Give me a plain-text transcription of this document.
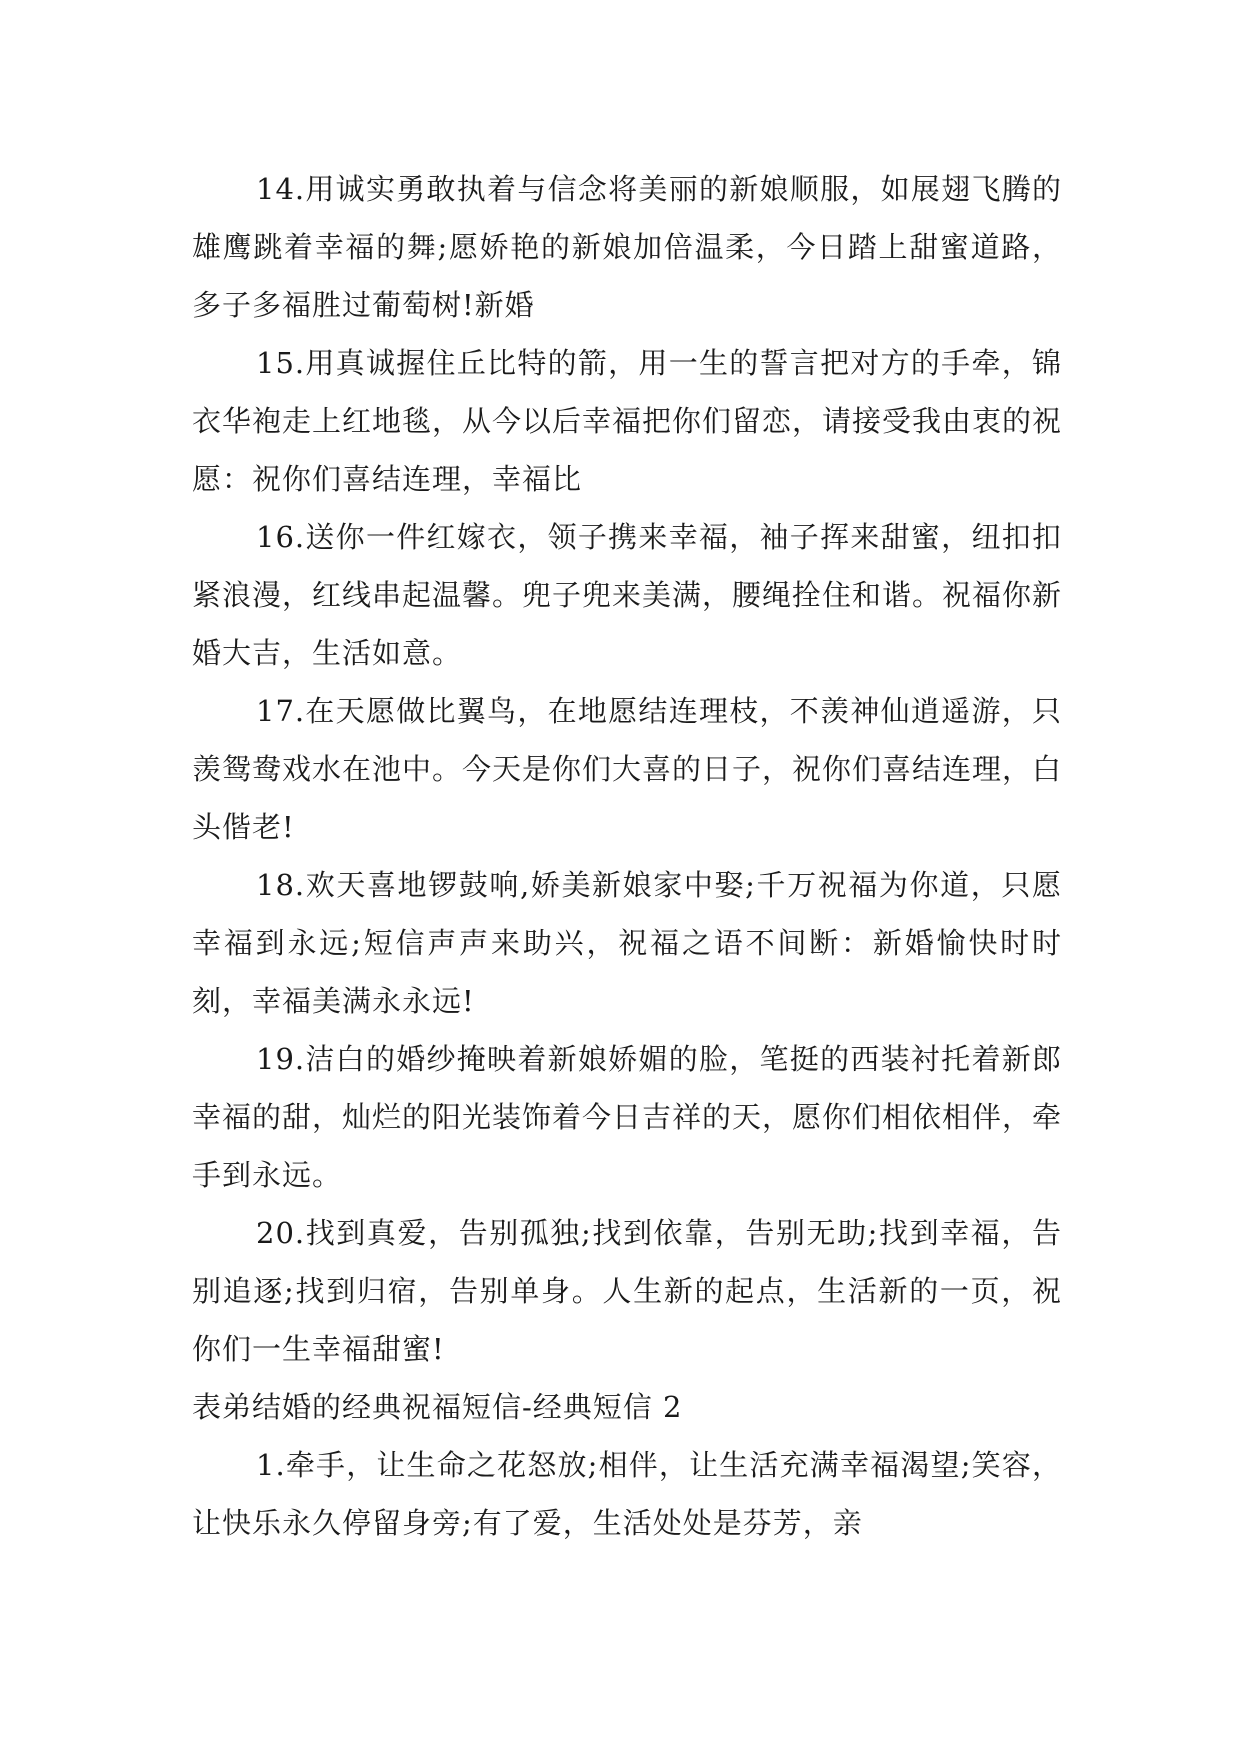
14.用诚实勇敢执着与信念将美丽的新娘顺服，如展翅飞腾的雄鹰跳着幸福的舞;愿娇艳的新娘加倍温柔，今日踏上甜蜜道路，多子多福胜过葡萄树!新婚

15.用真诚握住丘比特的箭，用一生的誓言把对方的手牵，锦衣华袍走上红地毯，从今以后幸福把你们留恋，请接受我由衷的祝愿：祝你们喜结连理，幸福比

16.送你一件红嫁衣，领子携来幸福，袖子挥来甜蜜，纽扣扣紧浪漫，红线串起温馨。兜子兜来美满，腰绳拴住和谐。祝福你新婚大吉，生活如意。

17.在天愿做比翼鸟，在地愿结连理枝，不羡神仙逍遥游，只羡鸳鸯戏水在池中。今天是你们大喜的日子，祝你们喜结连理，白头偕老!

18.欢天喜地锣鼓响,娇美新娘家中娶;千万祝福为你道，只愿幸福到永远;短信声声来助兴，祝福之语不间断：新婚愉快时时刻，幸福美满永永远!

19.洁白的婚纱掩映着新娘娇媚的脸，笔挺的西装衬托着新郎幸福的甜，灿烂的阳光装饰着今日吉祥的天，愿你们相依相伴，牵手到永远。

20.找到真爱，告别孤独;找到依靠，告别无助;找到幸福，告别追逐;找到归宿，告别单身。人生新的起点，生活新的一页，祝你们一生幸福甜蜜!

表弟结婚的经典祝福短信-经典短信 2

1.牵手，让生命之花怒放;相伴，让生活充满幸福渴望;笑容，让快乐永久停留身旁;有了爱，生活处处是芬芳，亲
